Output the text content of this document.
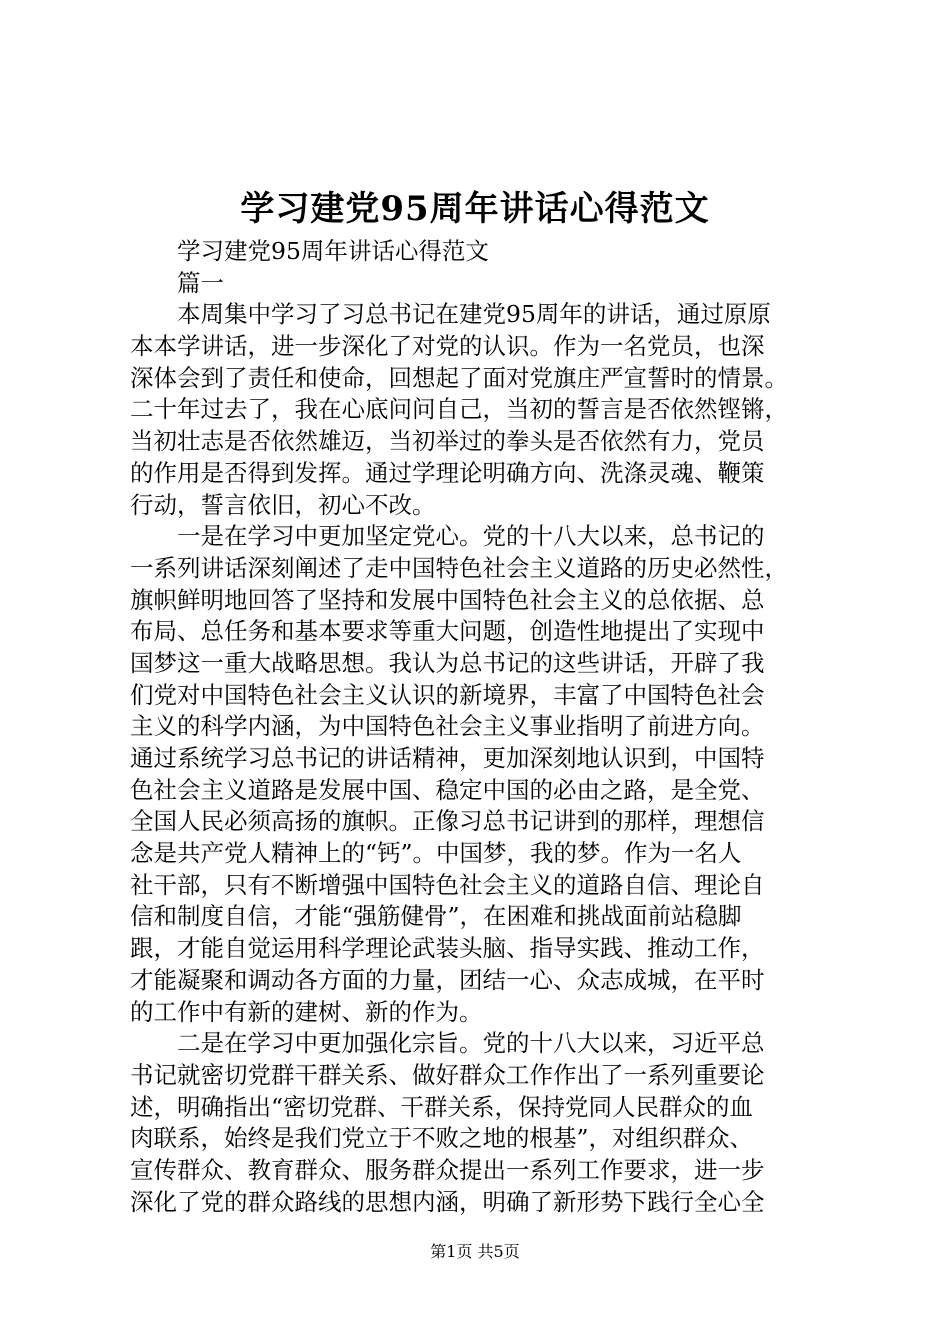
学习建党95周年讲话心得范文
学习建党95周年讲话心得范文
篇一
本周集中学习了习总书记在建党95周年的讲话，通过原原
本本学讲话，进一步深化了对党的认识。作为一名党员，也深
深体会到了责任和使命，回想起了面对党旗庄严宣誓时的情景。
二十年过去了，我在心底问问自己，当初的誓言是否依然铿锵，
当初壮志是否依然雄迈，当初举过的拳头是否依然有力，党员
的作用是否得到发挥。通过学理论明确方向、洗涤灵魂、鞭策
行动，誓言依旧，初心不改。
一是在学习中更加坚定党心。党的十八大以来，总书记的
一系列讲话深刻阐述了走中国特色社会主义道路的历史必然性，
旗帜鲜明地回答了坚持和发展中国特色社会主义的总依据、总
布局、总任务和基本要求等重大问题，创造性地提出了实现中
国梦这一重大战略思想。我认为总书记的这些讲话，开辟了我
们党对中国特色社会主义认识的新境界，丰富了中国特色社会
主义的科学内涵，为中国特色社会主义事业指明了前进方向。
通过系统学习总书记的讲话精神，更加深刻地认识到，中国特
色社会主义道路是发展中国、稳定中国的必由之路，是全党、
全国人民必须高扬的旗帜。正像习总书记讲到的那样，理想信
念是共产党人精神上的“钙”。中国梦，我的梦。作为一名人
社干部，只有不断增强中国特色社会主义的道路自信、理论自
信和制度自信，才能“强筋健骨”，在困难和挑战面前站稳脚
跟，才能自觉运用科学理论武装头脑、指导实践、推动工作，
才能凝聚和调动各方面的力量，团结一心、众志成城，在平时
的工作中有新的建树、新的作为。
二是在学习中更加强化宗旨。党的十八大以来，习近平总
书记就密切党群干群关系、做好群众工作作出了一系列重要论
述，明确指出“密切党群、干群关系，保持党同人民群众的血
肉联系，始终是我们党立于不败之地的根基”，对组织群众、
宣传群众、教育群众、服务群众提出一系列工作要求，进一步
深化了党的群众路线的思想内涵，明确了新形势下践行全心全
第1页 共5页
